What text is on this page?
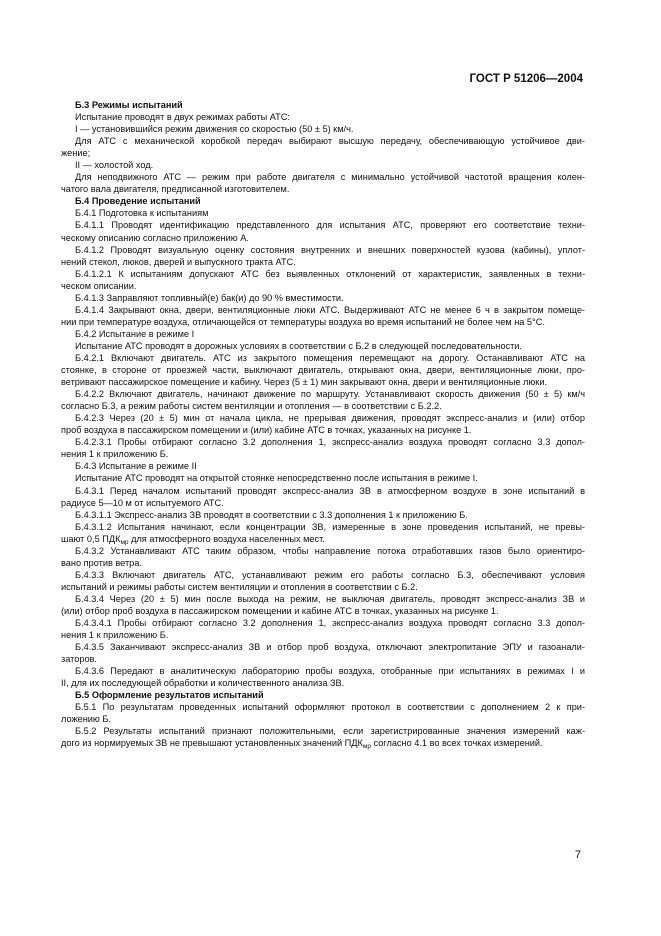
ГОСТ Р 51206—2004
Б.3 Режимы испытаний
Испытание проводят в двух режимах работы АТС:
I — установившийся режим движения со скоростью (50 ± 5) км/ч.
Для АТС с механической коробкой передач выбирают высшую передачу, обеспечивающую устойчивое дви-
жение;
II — холостой ход.
Для неподвижного АТС — режим при работе двигателя с минимально устойчивой частотой вращения колен-
чатого вала двигателя, предписанной изготовителем.
Б.4 Проведение испытаний
Б.4.1 Подготовка к испытаниям
Б.4.1.1 Проводят идентификацию представленного для испытания АТС, проверяют его соответствие техни-
ческому описанию согласно приложению А.
Б.4.1.2 Проводят визуальную оценку состояния внутренних и внешних поверхностей кузова (кабины), уплот-
нений стекол, люков, дверей и выпускного тракта АТС.
Б.4.1.2.1 К испытаниям допускают АТС без выявленных отклонений от характеристик, заявленных в техни-
ческом описании.
Б.4.1.3 Заправляют топливный(е) бак(и) до 90 % вместимости.
Б.4.1.4 Закрывают окна, двери, вентиляционные люки АТС. Выдерживают АТС не менее 6 ч в закрытом помеще-
нии при температуре воздуха, отличающейся от температуры воздуха во время испытаний не более чем на 5°С.
Б.4.2 Испытание в режиме I
Испытание АТС проводят в дорожных условиях в соответствии с Б.2 в следующей последовательности.
Б.4.2.1 Включают двигатель. АТС из закрытого помещения перемещают на дорогу. Останавливают АТС на
стоянке, в стороне от проезжей части, выключают двигатель, открывают окна, двери, вентиляционные люки, про-
ветривают пассажирское помещение и кабину. Через (5 ± 1) мин закрывают окна, двери и вентиляционные люки.
Б.4.2.2 Включают двигатель, начинают движение по маршруту. Устанавливают скорость движения (50 ± 5) км/ч
согласно Б.3, а режим работы систем вентиляции и отопления — в соответствии с Б.2.2.
Б.4.2.3 Через (20 ± 5) мин от начала цикла, не прерывая движения, проводят экспресс-анализ и (или) отбор
проб воздуха в пассажирском помещении и (или) кабине АТС в точках, указанных на рисунке 1.
Б.4.2.3.1 Пробы отбирают согласно 3.2 дополнения 1, экспресс-анализ воздуха проводят согласно 3.3 допол-
нения 1 к приложению Б.
Б.4.3 Испытание в режиме II
Испытание АТС проводят на открытой стоянке непосредственно после испытания в режиме I.
Б.4.3.1 Перед началом испытаний проводят экспресс-анализ ЗВ в атмосферном воздухе в зоне испытаний в
радиусе 5—10 м от испытуемого АТС.
Б.4.3.1.1 Экспресс-анализ ЗВ проводят в соответствии с 3.3 дополнения 1 к приложению Б.
Б.4.3.1.2 Испытания начинают, если концентрации ЗВ, измеренные в зоне проведения испытаний, не превы-
шают 0,5 $ПДК_{мр}$ для атмосферного воздуха населенных мест.
Б.4.3.2 Устанавливают АТС таким образом, чтобы направление потока отработавших газов было ориентиро-
вано против ветра.
Б.4.3.3 Включают двигатель АТС, устанавливают режим его работы согласно Б.3, обеспечивают условия
испытаний и режимы работы систем вентиляции и отопления в соответствии с Б.2.
Б.4.3.4 Через (20 ± 5) мин после выхода на режим, не выключая двигатель, проводят экспресс-анализ ЗВ и
(или) отбор проб воздуха в пассажирском помещении и кабине АТС в точках, указанных на рисунке 1.
Б.4.3.4.1 Пробы отбирают согласно 3.2 дополнения 1, экспресс-анализ воздуха проводят согласно 3.3 допол-
нения 1 к приложению Б.
Б.4.3.5 Заканчивают экспресс-анализ ЗВ и отбор проб воздуха, отключают электропитание ЭПУ и газоанали-
заторов.
Б.4.3.6 Передают в аналитическую лабораторию пробы воздуха, отобранные при испытаниях в режимах I и
II, для их последующей обработки и количественного анализа ЗВ.
Б.5 Оформление результатов испытаний
Б.5.1 По результатам проведенных испытаний оформляют протокол в соответствии с дополнением 2 к при-
ложению Б.
Б.5.2 Результаты испытаний признают положительными, если зарегистрированные значения измерений каж-
дого из нормируемых ЗВ не превышают установленных значений $ПДК_{мр}$ согласно 4.1 во всех точках измерений.
7
